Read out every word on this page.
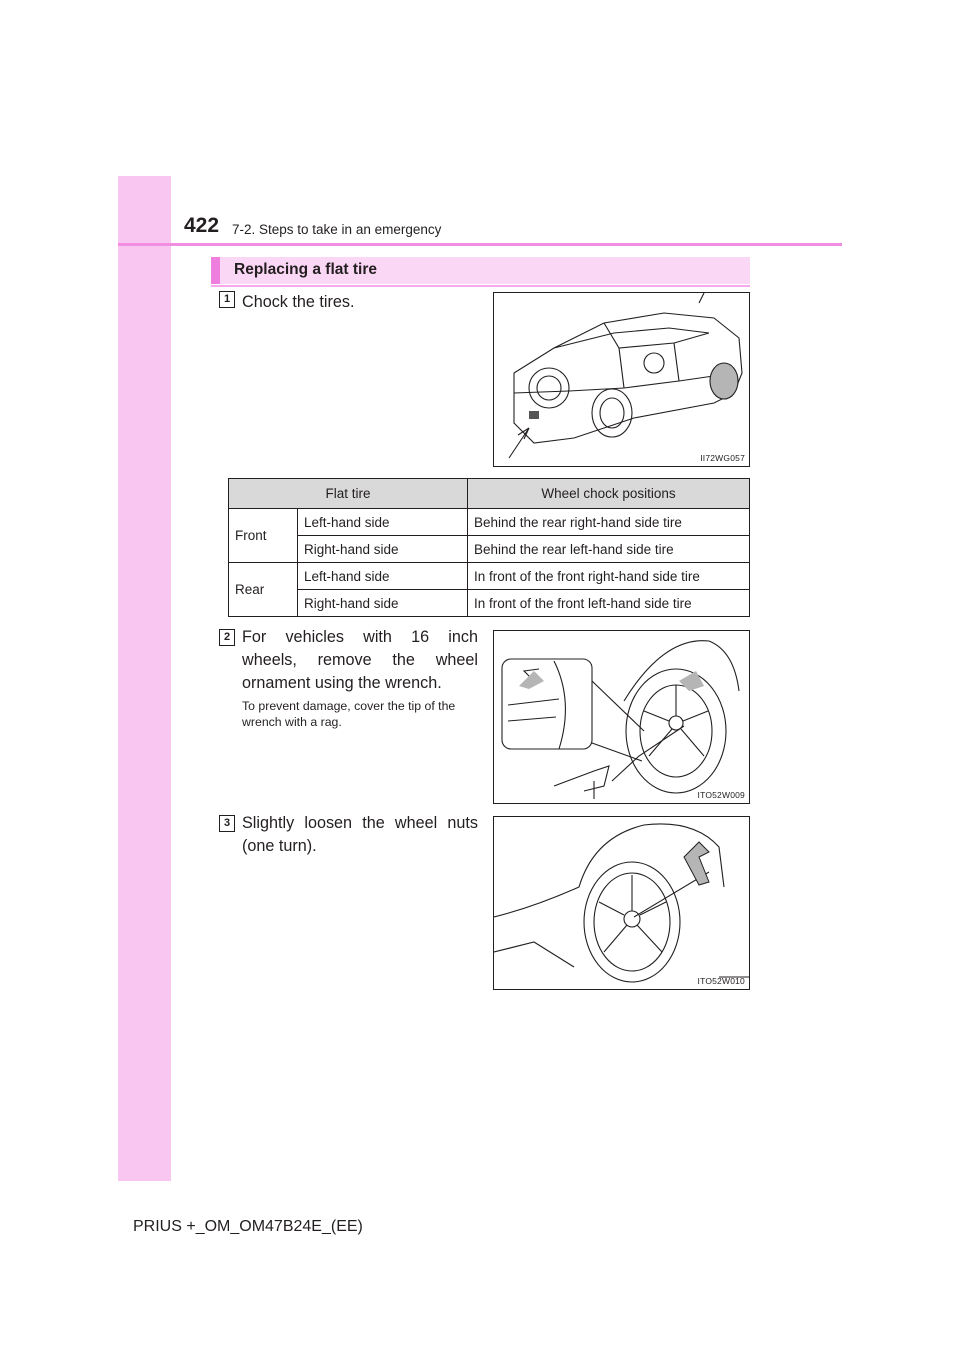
422 7-2. Steps to take in an emergency
Replacing a flat tire
1 Chock the tires.
II72WG057
Flat tire		Wheel chock positions
Front	Left-hand side	Behind the rear right-hand side tire
	Right-hand side	Behind the rear left-hand side tire
Rear	Left-hand side	In front of the front right-hand side tire
	Right-hand side	In front of the front left-hand side tire
2 For vehicles with 16 inch wheels, remove the wheel ornament using the wrench.
To prevent damage, cover the tip of the wrench with a rag.
ITO52W009
3 Slightly loosen the wheel nuts (one turn).
ITO52W010
PRIUS +_OM_OM47B24E_(EE)
